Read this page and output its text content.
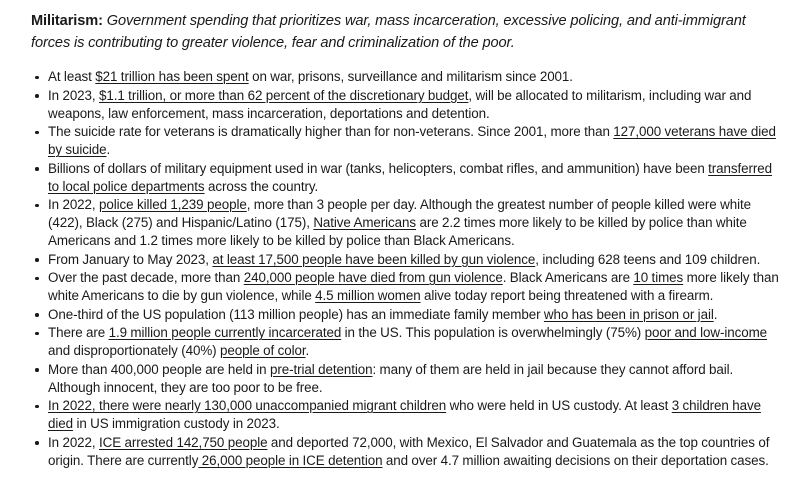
Militarism: Government spending that prioritizes war, mass incarceration, excessive policing, and anti-immigrant forces is contributing to greater violence, fear and criminalization of the poor.

At least $21 trillion has been spent on war, prisons, surveillance and militarism since 2001.
In 2023, $1.1 trillion, or more than 62 percent of the discretionary budget, will be allocated to militarism, including war and weapons, law enforcement, mass incarceration, deportations and detention.
The suicide rate for veterans is dramatically higher than for non-veterans. Since 2001, more than 127,000 veterans have died by suicide.
Billions of dollars of military equipment used in war (tanks, helicopters, combat rifles, and ammunition) have been transferred to local police departments across the country.
In 2022, police killed 1,239 people, more than 3 people per day. Although the greatest number of people killed were white (422), Black (275) and Hispanic/Latino (175), Native Americans are 2.2 times more likely to be killed by police than white Americans and 1.2 times more likely to be killed by police than Black Americans.
From January to May 2023, at least 17,500 people have been killed by gun violence, including 628 teens and 109 children.
Over the past decade, more than 240,000 people have died from gun violence. Black Americans are 10 times more likely than white Americans to die by gun violence, while 4.5 million women alive today report being threatened with a firearm.
One-third of the US population (113 million people) has an immediate family member who has been in prison or jail.
There are 1.9 million people currently incarcerated in the US. This population is overwhelmingly (75%) poor and low-income and disproportionately (40%) people of color.
More than 400,000 people are held in pre-trial detention: many of them are held in jail because they cannot afford bail. Although innocent, they are too poor to be free.
In 2022, there were nearly 130,000 unaccompanied migrant children who were held in US custody. At least 3 children have died in US immigration custody in 2023.
In 2022, ICE arrested 142,750 people and deported 72,000, with Mexico, El Salvador and Guatemala as the top countries of origin. There are currently 26,000 people in ICE detention and over 4.7 million awaiting decisions on their deportation cases.
